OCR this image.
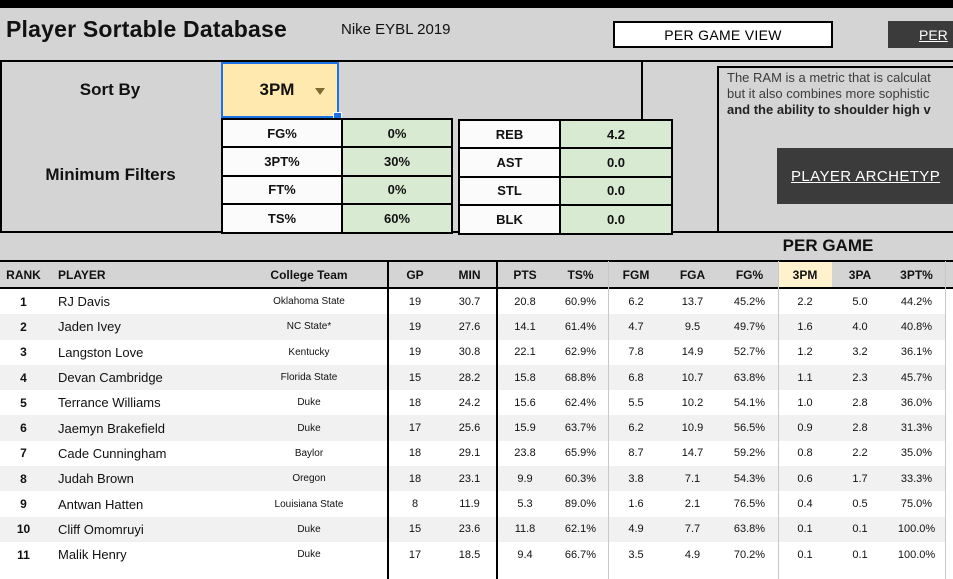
Player Sortable Database	Nike EYBL 2019	PER GAME VIEW	PER
Sort By	3PM
Minimum Filters
FG%	0%
3PT%	30%
FT%	0%
TS%	60%
REB	4.2
AST	0.0
STL	0.0
BLK	0.0
The RAM is a metric that is calculat
but it also combines more sophistic
and the ability to shoulder high v
PLAYER ARCHETYP
PER GAME
RANK	PLAYER	College Team	GP	MIN	PTS	TS%	FGM	FGA	FG%	3PM	3PA	3PT%
1	RJ Davis	Oklahoma State	19	30.7	20.8	60.9%	6.2	13.7	45.2%	2.2	5.0	44.2%
2	Jaden Ivey	NC State*	19	27.6	14.1	61.4%	4.7	9.5	49.7%	1.6	4.0	40.8%
3	Langston Love	Kentucky	19	30.8	22.1	62.9%	7.8	14.9	52.7%	1.2	3.2	36.1%
4	Devan Cambridge	Florida State	15	28.2	15.8	68.8%	6.8	10.7	63.8%	1.1	2.3	45.7%
5	Terrance Williams	Duke	18	24.2	15.6	62.4%	5.5	10.2	54.1%	1.0	2.8	36.0%
6	Jaemyn Brakefield	Duke	17	25.6	15.9	63.7%	6.2	10.9	56.5%	0.9	2.8	31.3%
7	Cade Cunningham	Baylor	18	29.1	23.8	65.9%	8.7	14.7	59.2%	0.8	2.2	35.0%
8	Judah Brown	Oregon	18	23.1	9.9	60.3%	3.8	7.1	54.3%	0.6	1.7	33.3%
9	Antwan Hatten	Louisiana State	8	11.9	5.3	89.0%	1.6	2.1	76.5%	0.4	0.5	75.0%
10	Cliff Omomruyi	Duke	15	23.6	11.8	62.1%	4.9	7.7	63.8%	0.1	0.1	100.0%
11	Malik Henry	Duke	17	18.5	9.4	66.7%	3.5	4.9	70.2%	0.1	0.1	100.0%
